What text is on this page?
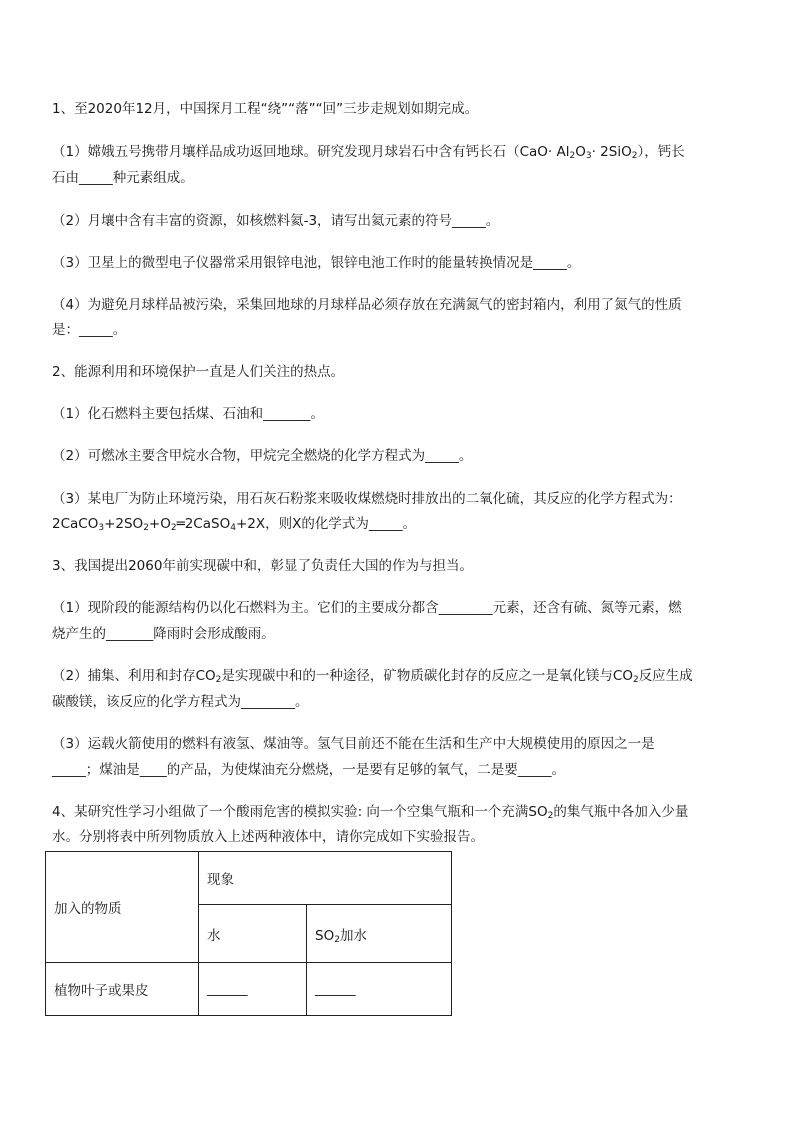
1、至2020年12月，中国探月工程“绕”“落”“回”三步走规划如期完成。
（1）嫦娥五号携带月壤样品成功返回地球。研究发现月球岩石中含有钙长石$(CaO\cdot Al_2O_3\cdot 2SiO_2)$，钙长
石由_____种元素组成。
（2）月壤中含有丰富的资源，如核燃料氦-3，请写出氦元素的符号_____。
（3）卫星上的微型电子仪器常采用银锌电池，银锌电池工作时的能量转换情况是_____。
（4）为避免月球样品被污染，采集回地球的月球样品必须存放在充满氮气的密封箱内，利用了氮气的性质
是：_____。
2、能源利用和环境保护一直是人们关注的热点。
（1）化石燃料主要包括煤、石油和_______。
（2）可燃冰主要含甲烷水合物，甲烷完全燃烧的化学方程式为_____。
（3）某电厂为防止环境污染，用石灰石粉浆来吸收煤燃烧时排放出的二氧化硫，其反应的化学方程式为：
$2CaCO_3+2SO_2+O_2═2CaSO_4+2X$，则X的化学式为_____。
3、我国提出2060年前实现碳中和，彰显了负责任大国的作为与担当。
（1）现阶段的能源结构仍以化石燃料为主。它们的主要成分都含________元素，还含有硫、氮等元素，燃
烧产生的_______降雨时会形成酸雨。
（2）捕集、利用和封存$CO_2$是实现碳中和的一种途径，矿物质碳化封存的反应之一是氧化镁与$CO_2$反应生成
碳酸镁，该反应的化学方程式为________。
（3）运载火箭使用的燃料有液氢、煤油等。氢气目前还不能在生活和生产中大规模使用的原因之一是
_____；煤油是____的产品，为使煤油充分燃烧，一是要有足够的氧气，二是要_____。
4、某研究性学习小组做了一个酸雨危害的模拟实验: 向一个空集气瓶和一个充满$SO_2$的集气瓶中各加入少量
水。分别将表中所列物质放入上述两种液体中，请你完成如下实验报告。
加入的物质	现象	
	水	$SO_2$加水
植物叶子或果皮	______	______
